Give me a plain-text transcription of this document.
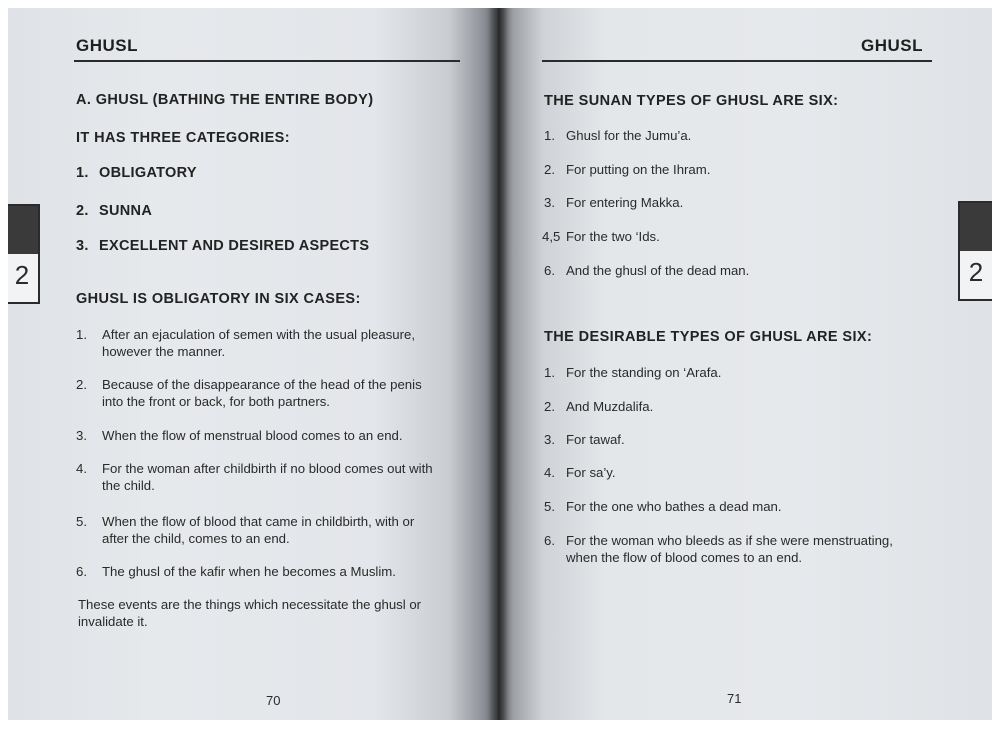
GHUSL
2
A. GHUSL (BATHING THE ENTIRE BODY)
IT HAS THREE CATEGORIES:
1. OBLIGATORY
2. SUNNA
3. EXCELLENT AND DESIRED ASPECTS
GHUSL IS OBLIGATORY IN SIX CASES:
1. After an ejaculation of semen with the usual pleasure,
however the manner.
2. Because of the disappearance of the head of the penis
into the front or back, for both partners.
3. When the flow of menstrual blood comes to an end.
4. For the woman after childbirth if no blood comes out with
the child.
5. When the flow of blood that came in childbirth, with or
after the child, comes to an end.
6. The ghusl of the kafir when he becomes a Muslim.
These events are the things which necessitate the ghusl or
invalidate it.
70
GHUSL
2
THE SUNAN TYPES OF GHUSL ARE SIX:
1. Ghusl for the Jumu’a.
2. For putting on the Ihram.
3. For entering Makka.
4,5 For the two ‘Ids.
6. And the ghusl of the dead man.
THE DESIRABLE TYPES OF GHUSL ARE SIX:
1. For the standing on ‘Arafa.
2. And Muzdalifa.
3. For tawaf.
4. For sa’y.
5. For the one who bathes a dead man.
6. For the woman who bleeds as if she were menstruating,
when the flow of blood comes to an end.
71
